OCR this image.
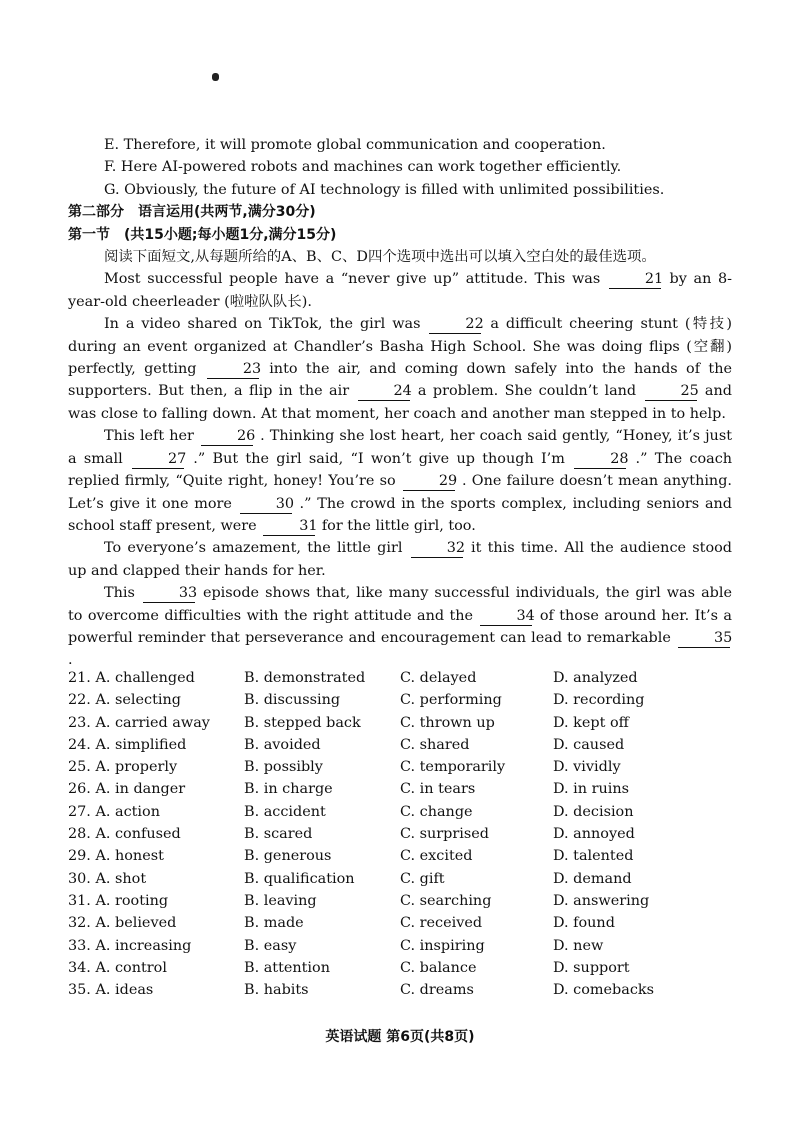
E. Therefore, it will promote global communication and cooperation.

F. Here AI-powered robots and machines can work together efficiently.

G. Obviously, the future of AI technology is filled with unlimited possibilities.

第二部分　语言运用(共两节,满分30分)

第一节　(共15小题;每小题1分,满分15分)

阅读下面短文,从每题所给的A、B、C、D四个选项中选出可以填入空白处的最佳选项。

Most successful people have a “never give up” attitude. This was	21 by an 8-year-old cheerleader (啦啦队队长).

In a video shared on TikTok, the girl was	22 a difficult cheering stunt (特技) during an event organized at Chandler’s Basha High School. She was doing flips (空翻) perfectly, getting	23 into the air, and coming down safely into the hands of the supporters. But then, a flip in the air	24 a problem. She couldn’t land	25 and was close to falling down. At that moment, her coach and another man stepped in to help.

This left her	26 . Thinking she lost heart, her coach said gently, “Honey, it’s just a small	27 .” But the girl said, “I won’t give up though I’m	28 .” The coach replied firmly, “Quite right, honey! You’re so	29 . One failure doesn’t mean anything. Let’s give it one more	30 .” The crowd in the sports complex, including seniors and school staff present, were	31 for the little girl, too.

To everyone’s amazement, the little girl	32 it this time. All the audience stood up and clapped their hands for her.

This	33 episode shows that, like many successful individuals, the girl was able to overcome difficulties with the right attitude and the	34 of those around her. It’s a powerful reminder that perseverance and encouragement can lead to remarkable	35 .

21. A. challenged	B. demonstrated	C. delayed	D. analyzed
22. A. selecting	B. discussing	C. performing	D. recording
23. A. carried away	B. stepped back	C. thrown up	D. kept off
24. A. simplified	B. avoided	C. shared	D. caused
25. A. properly	B. possibly	C. temporarily	D. vividly
26. A. in danger	B. in charge	C. in tears	D. in ruins
27. A. action	B. accident	C. change	D. decision
28. A. confused	B. scared	C. surprised	D. annoyed
29. A. honest	B. generous	C. excited	D. talented
30. A. shot	B. qualification	C. gift	D. demand
31. A. rooting	B. leaving	C. searching	D. answering
32. A. believed	B. made	C. received	D. found
33. A. increasing	B. easy	C. inspiring	D. new
34. A. control	B. attention	C. balance	D. support
35. A. ideas	B. habits	C. dreams	D. comebacks
英语试题 第6页(共8页)
